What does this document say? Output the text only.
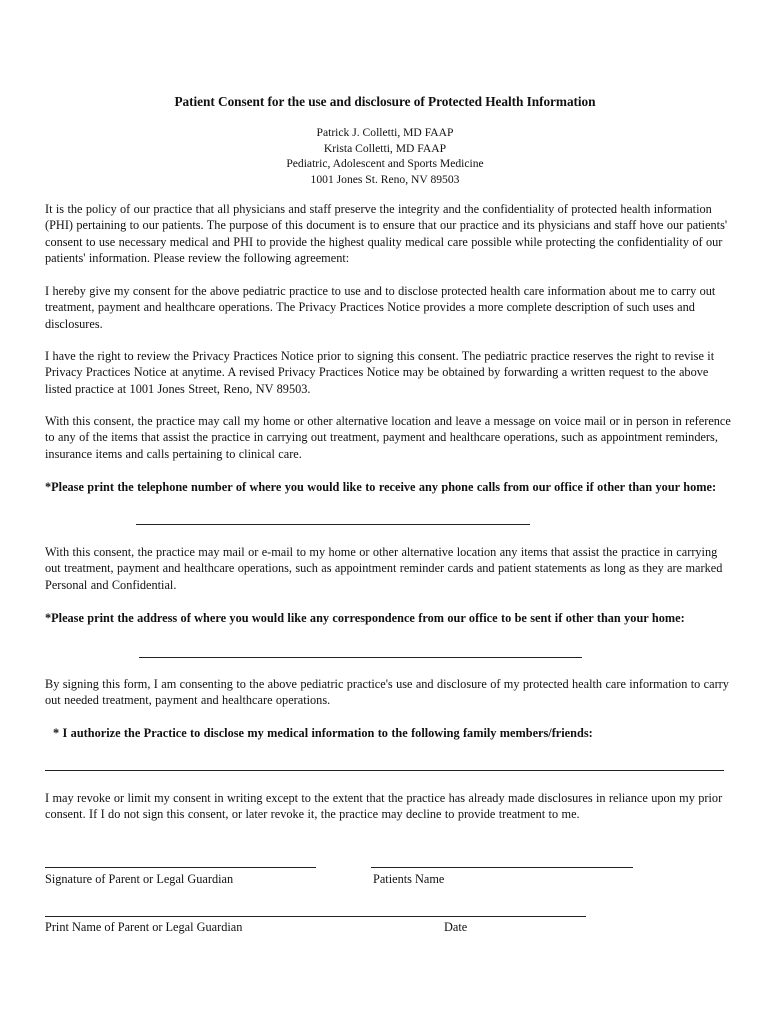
Patient Consent for the use and disclosure of Protected Health Information
Patrick J. Colletti, MD FAAP
Krista Colletti, MD FAAP
Pediatric, Adolescent and Sports Medicine
1001 Jones St. Reno, NV 89503

It is the policy of our practice that all physicians and staff preserve the integrity and the confidentiality of protected health information (PHI) pertaining to our patients. The purpose of this document is to ensure that our practice and its physicians and staff hove our patients' consent to use necessary medical and PHI to provide the highest quality medical care possible while protecting the confidentiality of our patients' information. Please review the following agreement:

I hereby give my consent for the above pediatric practice to use and to disclose protected health care information about me to carry out treatment, payment and healthcare operations. The Privacy Practices Notice provides a more complete description of such uses and disclosures.

I have the right to review the Privacy Practices Notice prior to signing this consent. The pediatric practice reserves the right to revise it Privacy Practices Notice at anytime. A revised Privacy Practices Notice may be obtained by forwarding a written request to the above listed practice at 1001 Jones Street, Reno, NV 89503.

With this consent, the practice may call my home or other alternative location and leave a message on voice mail or in person in reference to any of the items that assist the practice in carrying out treatment, payment and healthcare operations, such as appointment reminders, insurance items and calls pertaining to clinical care.

*Please print the telephone number of where you would like to receive any phone calls from our office if other than your home:

With this consent, the practice may mail or e-mail to my home or other alternative location any items that assist the practice in carrying out treatment, payment and healthcare operations, such as appointment reminder cards and patient statements as long as they are marked Personal and Confidential.

*Please print the address of where you would like any correspondence from our office to be sent if other than your home:

By signing this form, I am consenting to the above pediatric practice's use and disclosure of my protected health care information to carry out needed treatment, payment and healthcare operations.

* I authorize the Practice to disclose my medical information to the following family members/friends:

I may revoke or limit my consent in writing except to the extent that the practice has already made disclosures in reliance upon my prior consent. If I do not sign this consent, or later revoke it, the practice may decline to provide treatment to me.

Signature of Parent or Legal Guardian	Patients Name
Print Name of Parent or Legal Guardian	Date
